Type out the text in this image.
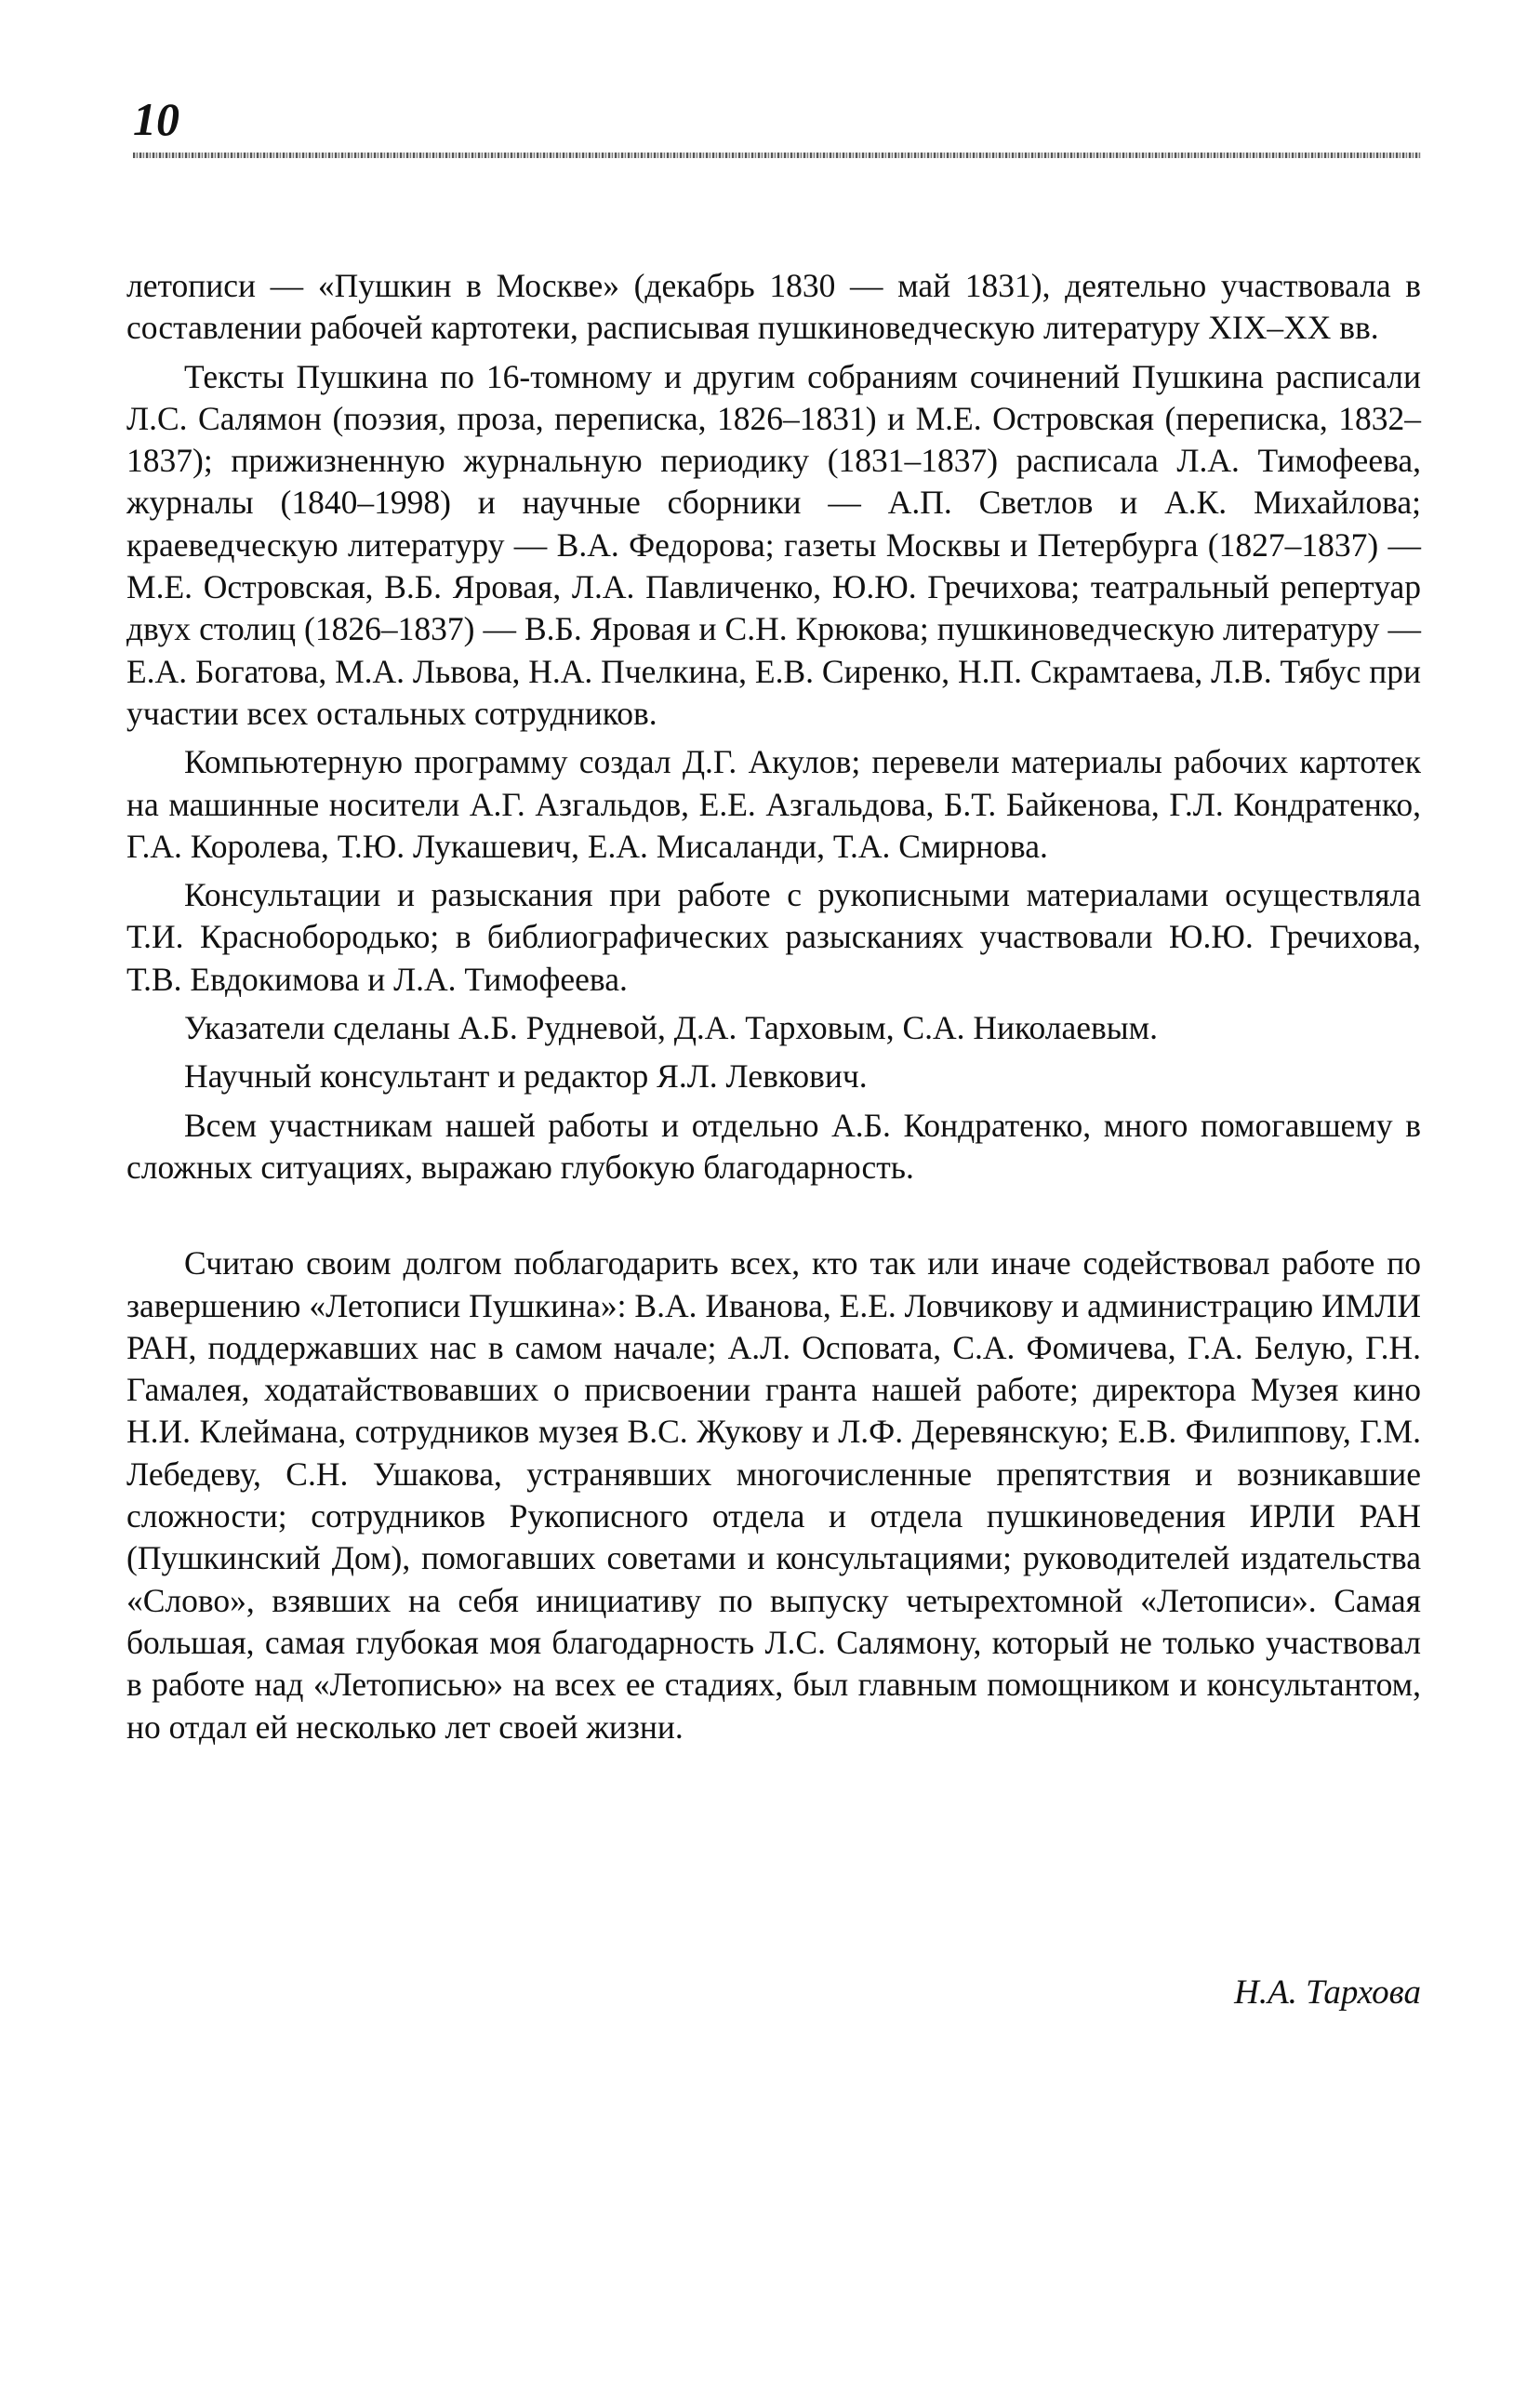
10

летописи — «Пушкин в Москве» (декабрь 1830 — май 1831), деятельно участвовала в составлении рабочей картотеки, расписывая пушкиноведческую литературу XIX–XX вв.

Тексты Пушкина по 16-томному и другим собраниям сочинений Пушкина расписали Л.С. Салямон (поэзия, проза, переписка, 1826–1831) и М.Е. Островская (переписка, 1832–1837); прижизненную журнальную периодику (1831–1837) расписала Л.А. Тимофеева, журналы (1840–1998) и научные сборники — А.П. Светлов и А.К. Михайлова; краеведческую литературу — В.А. Федорова; газеты Москвы и Петербурга (1827–1837) — М.Е. Островская, В.Б. Яровая, Л.А. Павличенко, Ю.Ю. Гречихова; театральный репертуар двух столиц (1826–1837) — В.Б. Яровая и С.Н. Крюкова; пушкиноведческую литературу — Е.А. Богатова, М.А. Львова, Н.А. Пчелкина, Е.В. Сиренко, Н.П. Скрамтаева, Л.В. Тябус при участии всех остальных сотрудников.

Компьютерную программу создал Д.Г. Акулов; перевели материалы рабочих картотек на машинные носители А.Г. Азгальдов, Е.Е. Азгальдова, Б.Т. Байкенова, Г.Л. Кондратенко, Г.А. Королева, Т.Ю. Лукашевич, Е.А. Мисаланди, Т.А. Смирнова.

Консультации и разыскания при работе с рукописными материалами осуществляла Т.И. Краснобородько; в библиографических разысканиях участвовали Ю.Ю. Гречихова, Т.В. Евдокимова и Л.А. Тимофеева.

Указатели сделаны А.Б. Рудневой, Д.А. Тарховым, С.А. Николаевым.

Научный консультант и редактор Я.Л. Левкович.

Всем участникам нашей работы и отдельно А.Б. Кондратенко, много помогавшему в сложных ситуациях, выражаю глубокую благодарность.

Считаю своим долгом поблагодарить всех, кто так или иначе содействовал работе по завершению «Летописи Пушкина»: В.А. Иванова, Е.Е. Ловчикову и администрацию ИМЛИ РАН, поддержавших нас в самом начале; А.Л. Осповата, С.А. Фомичева, Г.А. Белую, Г.Н. Гамалея, ходатайствовавших о присвоении гранта нашей работе; директора Музея кино Н.И. Клеймана, сотрудников музея В.С. Жукову и Л.Ф. Деревянскую; Е.В. Филиппову, Г.М. Лебедеву, С.Н. Ушакова, устранявших многочисленные препятствия и возникавшие сложности; сотрудников Рукописного отдела и отдела пушкиноведения ИРЛИ РАН (Пушкинский Дом), помогавших советами и консультациями; руководителей издательства «Слово», взявших на себя инициативу по выпуску четырехтомной «Летописи». Самая большая, самая глубокая моя благодарность Л.С. Салямону, который не только участвовал в работе над «Летописью» на всех ее стадиях, был главным помощником и консультантом, но отдал ей несколько лет своей жизни.

Н.А. Тархова
